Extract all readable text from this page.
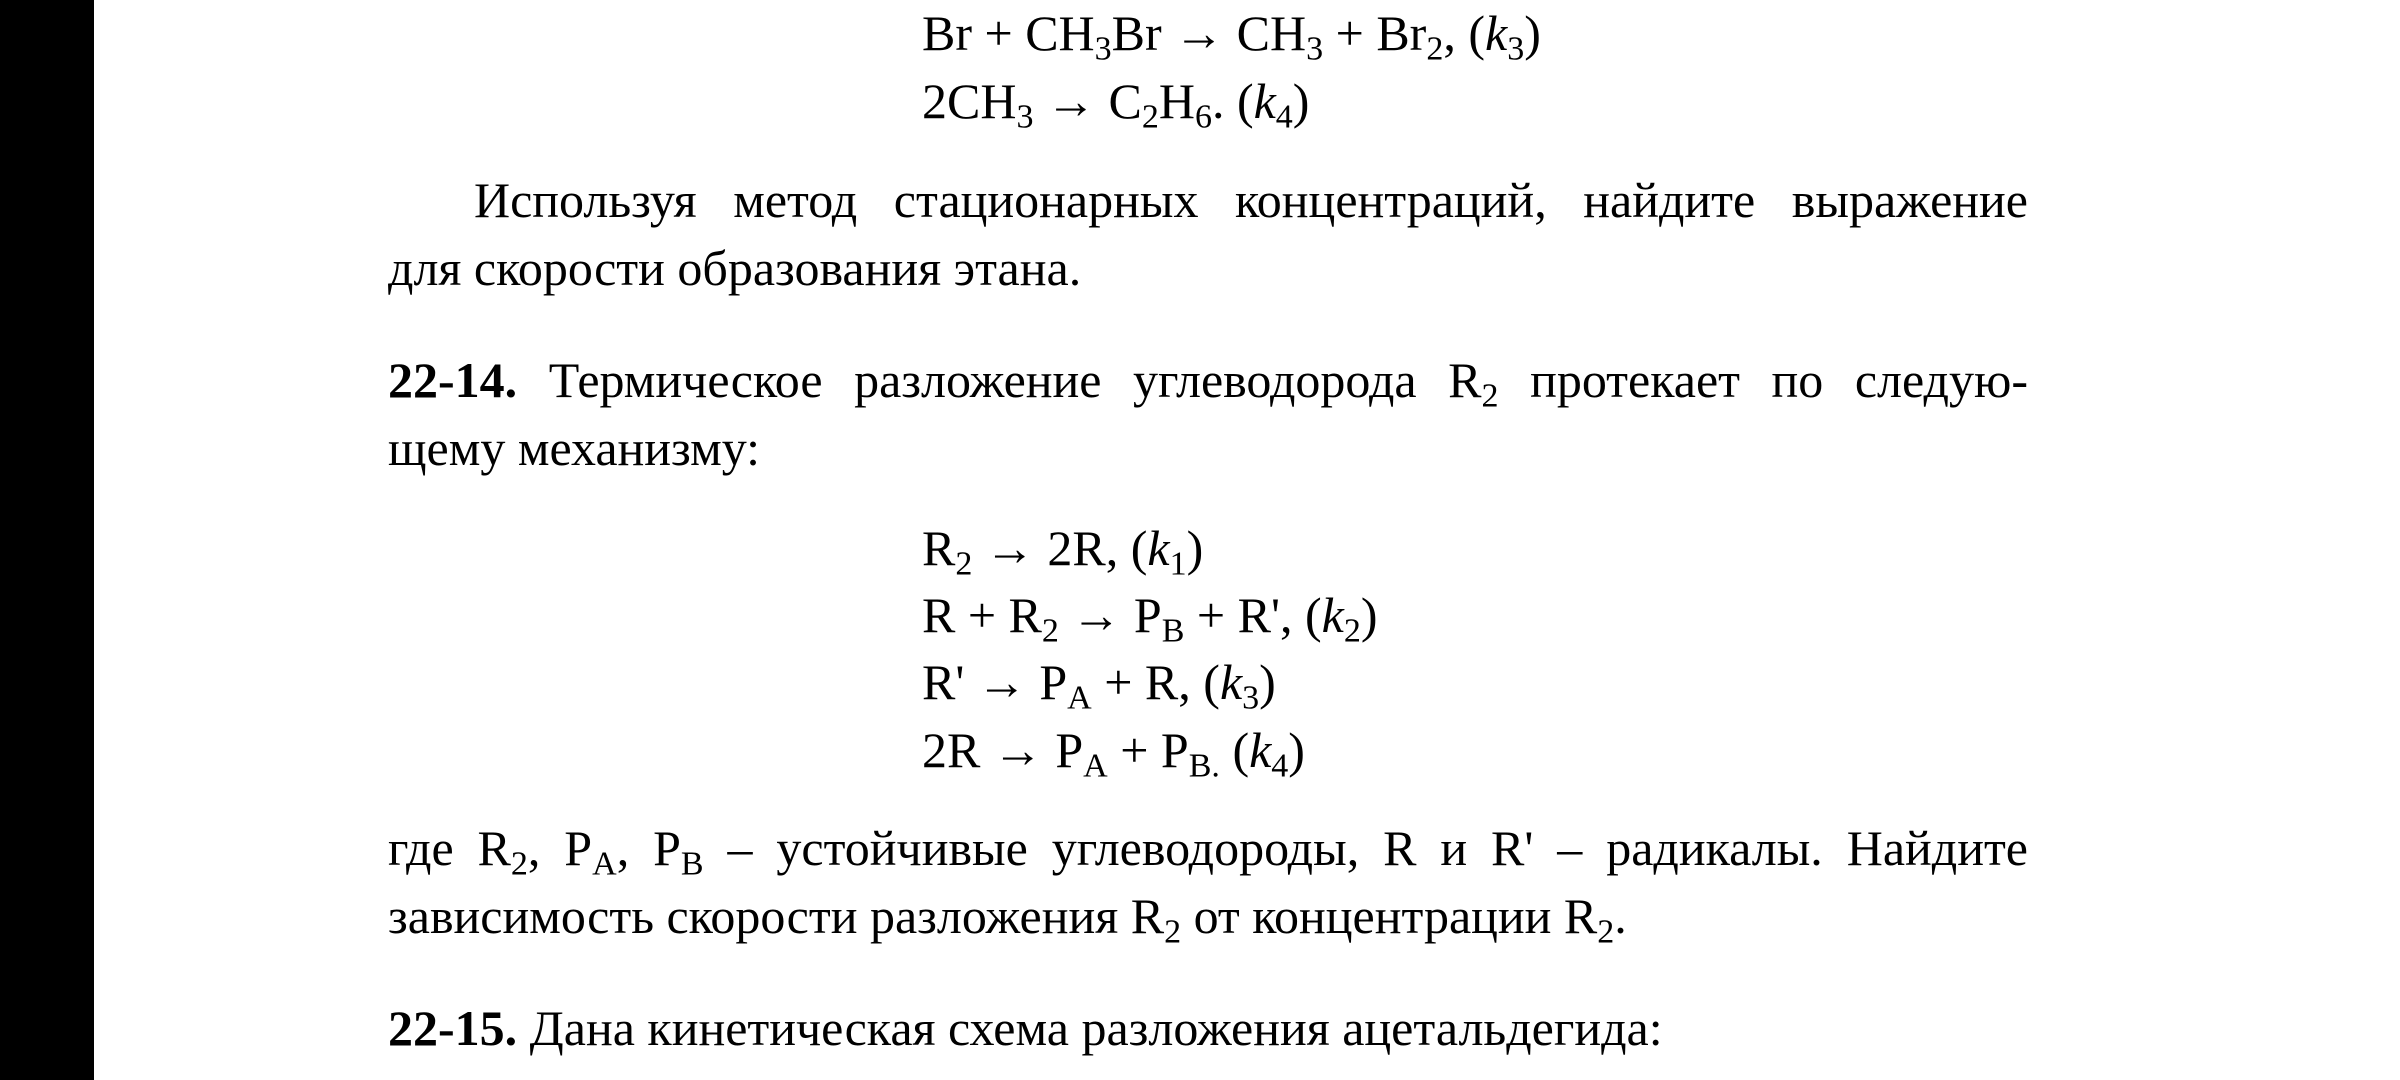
$Br + CH_3Br \to CH_3 + Br_2$, $(k_3)$
$2CH_3 \to C_2H_6$. $(k_4)$
Используя метод стационарных концентраций, найдите выражение
для скорости образования этана.
22-14. Термическое разложение углеводорода $R_2$ протекает по следую-
щему механизму:
$R_2 \to 2R$, $(k_1)$
$R + R_2 \to P_B + R'$, $(k_2)$
$R' \to P_A + R$, $(k_3)$
$2R \to P_A + P_{B.}$ $(k_4)$
где $R_2$, $P_A$, $P_B$ – устойчивые углеводороды, R и R' – радикалы. Найдите
зависимость скорости разложения $R_2$ от концентрации $R_2$.
22-15. Дана кинетическая схема разложения ацетальдегида:
